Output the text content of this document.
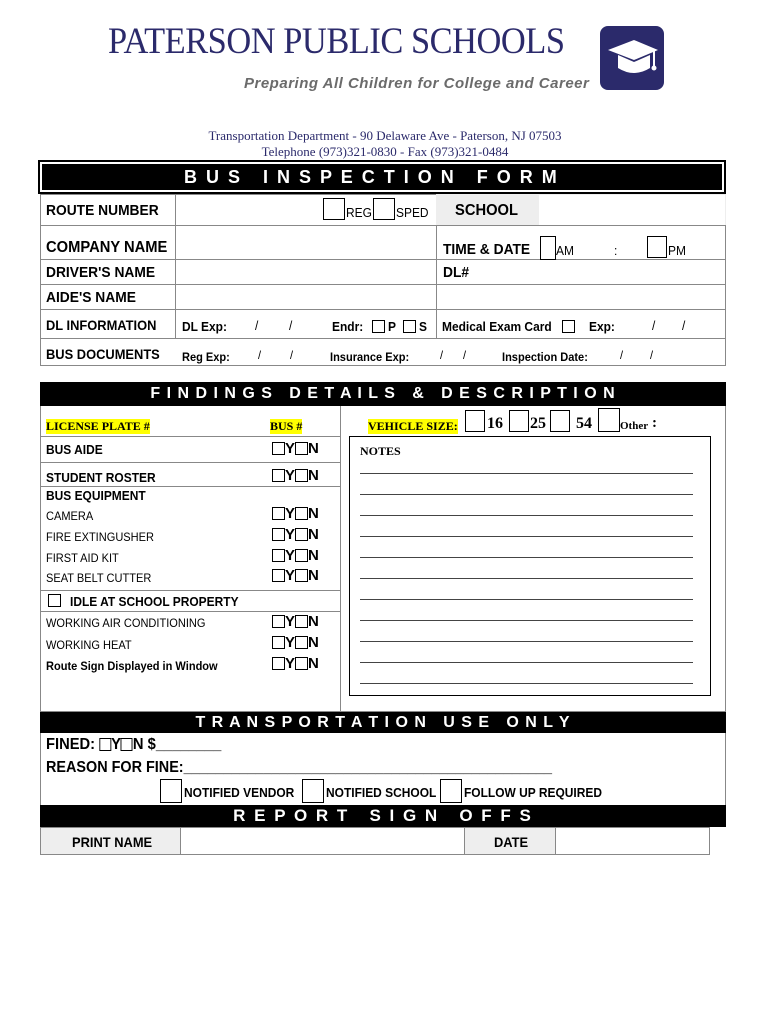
PATERSON PUBLIC SCHOOLS
Preparing All Children for College and Career
Transportation Department - 90 Delaware Ave - Paterson, NJ 07503
Telephone (973)321-0830 - Fax (973)321-0484
B U S   I N S P E C T I O N   F O R M
ROUTE NUMBER	REG SPED SCHOOL
COMPANY NAME	TIME & DATE AM	:	PM
DRIVER'S NAME	DL#
AIDE'S NAME
DL INFORMATION DL Exp: / /	Endr: P S Medical Exam Card	Exp:	/ /
BUS DOCUMENTS Reg Exp: / /	Insurance Exp:	/ /	Inspection Date:	/ /
F I N D I N G S   D E T A I L S   &   D E S C R I P T I O N
LICENSE PLATE #	BUS #	VEHICLE SIZE: 16 25 54	Other :
NOTES
BUS AIDE	Y N
STUDENT ROSTER	Y N
BUS EQUIPMENT
CAMERA	Y N
FIRE EXTINGUSHER	Y N
FIRST AID KIT	Y N
SEAT BELT CUTTER	Y N
IDLE AT SCHOOL PROPERTY
WORKING AIR CONDITIONING	Y N
WORKING HEAT	Y N
Route Sign Displayed in Window	Y N
T R A N S P O R T A T I O N   U S E   O N L Y
FINED: Y N $________
REASON FOR FINE:______________________________________________
NOTIFIED VENDOR NOTIFIED SCHOOL FOLLOW UP REQUIRED
R E P O R T   S I G N   O F F S
PRINT NAME	DATE
